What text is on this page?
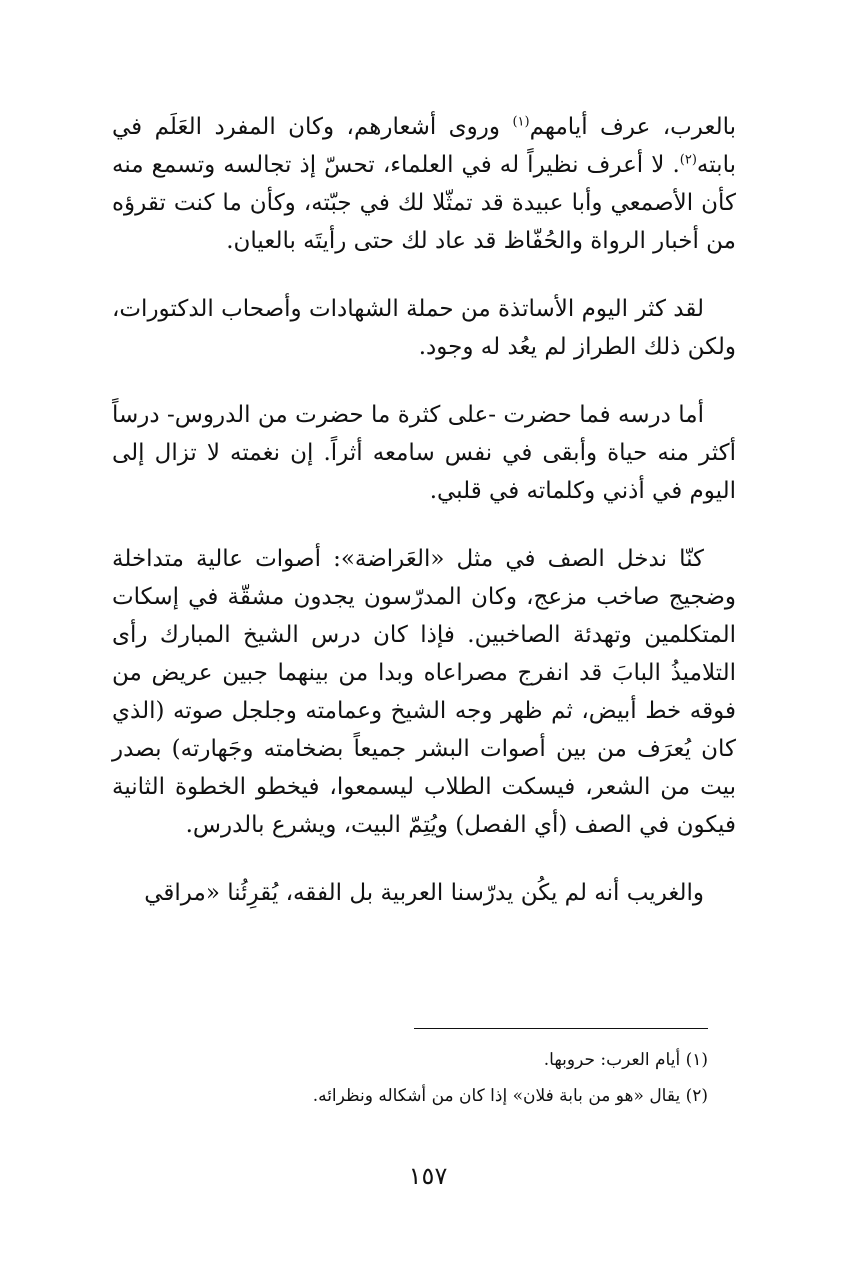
بالعرب، عرف أيامهم$^{(١)}$ وروى أشعارهم، وكان المفرد العَلَم في بابته$^{(٢)}$. لا أعرف نظيراً له في العلماء، تحسّ إذ تجالسه وتسمع منه كأن الأصمعي وأبا عبيدة قد تمثّلا لك في جبّته، وكأن ما كنت تقرؤه من أخبار الرواة والحُفّاظ قد عاد لك حتى رأيتَه بالعيان.

لقد كثر اليوم الأساتذة من حملة الشهادات وأصحاب الدكتورات، ولكن ذلك الطراز لم يعُد له وجود.

أما درسه فما حضرت -على كثرة ما حضرت من الدروس- درساً أكثر منه حياة وأبقى في نفس سامعه أثراً. إن نغمته لا تزال إلى اليوم في أذني وكلماته في قلبي.

كنّا ندخل الصف في مثل «العَراضة»: أصوات عالية متداخلة وضجيج صاخب مزعج، وكان المدرّسون يجدون مشقّة في إسكات المتكلمين وتهدئة الصاخبين. فإذا كان درس الشيخ المبارك رأى التلاميذُ البابَ قد انفرج مصراعاه وبدا من بينهما جبين عريض من فوقه خط أبيض، ثم ظهر وجه الشيخ وعمامته وجلجل صوته (الذي كان يُعرَف من بين أصوات البشر جميعاً بضخامته وجَهارته) بصدر بيت من الشعر، فيسكت الطلاب ليسمعوا، فيخطو الخطوة الثانية فيكون في الصف (أي الفصل) ويُتِمّ البيت، ويشرع بالدرس.

والغريب أنه لم يكُن يدرّسنا العربية بل الفقه، يُقرِئُنا «مراقي

(١) أيام العرب: حروبها.

(٢) يقال «هو من بابة فلان» إذا كان من أشكاله ونظرائه.

١٥٧
